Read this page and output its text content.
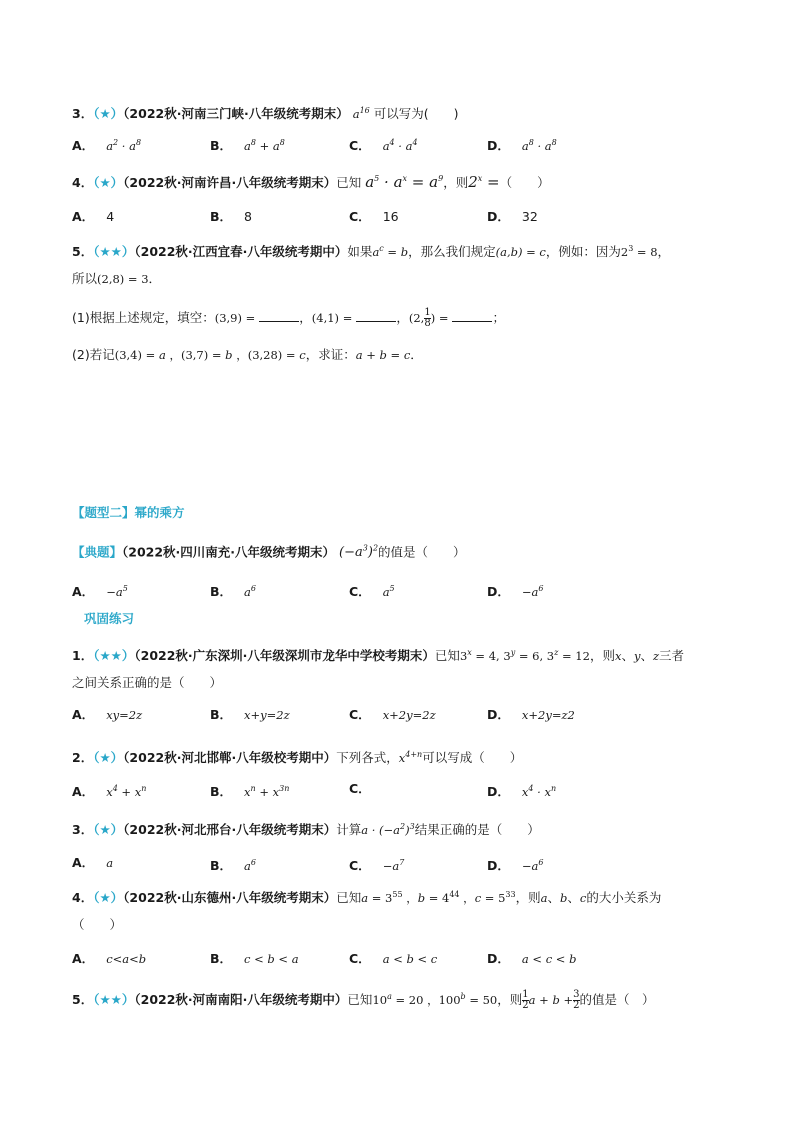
3．（★）（2022秋·河南三门峡·八年级统考期末） $a^{16}$ 可以写为(　　)
A． $a^2 \cdot a^8$	B． $a^8 + a^8$	C． $a^4 \cdot a^4$	D． $a^8 \cdot a^8$
4．（★）（2022秋·河南许昌·八年级统考期末）已知 $a^5 \cdot a^x = a^9$，则$2^x$ =（　　）
A． 4	B． 8	C． 16	D． 32
5．（★★）（2022秋·江西宜春·八年级统考期中）如果$a^c = b$，那么我们规定(a,b) = c，例如：因为$2^3 = 8$，
所以(2,8) = 3．
(1)根据上述规定，填空：(3,9) =	，(4,1) =	，(2, $\frac{1}{8}$ ) =	；
(2)若记(3,4) = a ，(3,7) = b ，(3,28) = c，求证：a + b = c．
【题型二】幂的乘方
【典题】（2022秋·四川南充·八年级统考期末） $(-a^3)^2$的值是（　　）
A． $-a^5$	B． $a^6$	C． $a^5$	D． $-a^6$
巩固练习
1．（★★）（2022秋·广东深圳·八年级深圳市龙华中学校考期末）已知$3^x = 4$, $3^y = 6$, $3^z = 12$，则x、y、z三者
之间关系正确的是（　　）
A． xy=2z	B． x+y=2z	C． x+2y=2z	D． x+2y=z2
2．（★）（2022秋·河北邯郸·八年级校考期中）下列各式，$x^{4+n}$可以写成（　　）
A． $x^4 + x^n$	B． $x^n + x^{3n}$	C．	D． $x^4 \cdot x^n$
3．（★）（2022秋·河北邢台·八年级统考期末）计算$a \cdot (-a^2)^3$结果正确的是（　　）
A． a	B． $a^6$	C． $-a^7$	D． $-a^6$
4．（★）（2022秋·山东德州·八年级统考期末）已知$a = 3^{55}$ ，$b = 4^{44}$ ，$c = 5^{33}$，则a、b、c的大小关系为
（　　）
A． c<a<b	B． c < b < a	C． a < b < c	D． a < c < b
5．（★★）（2022秋·河南南阳·八年级统考期中）已知$10^a = 20$ ，$100^b = 50$，则 $\frac{1}{2}$ $a + b + \frac{3}{2}$ 的值是（　）
